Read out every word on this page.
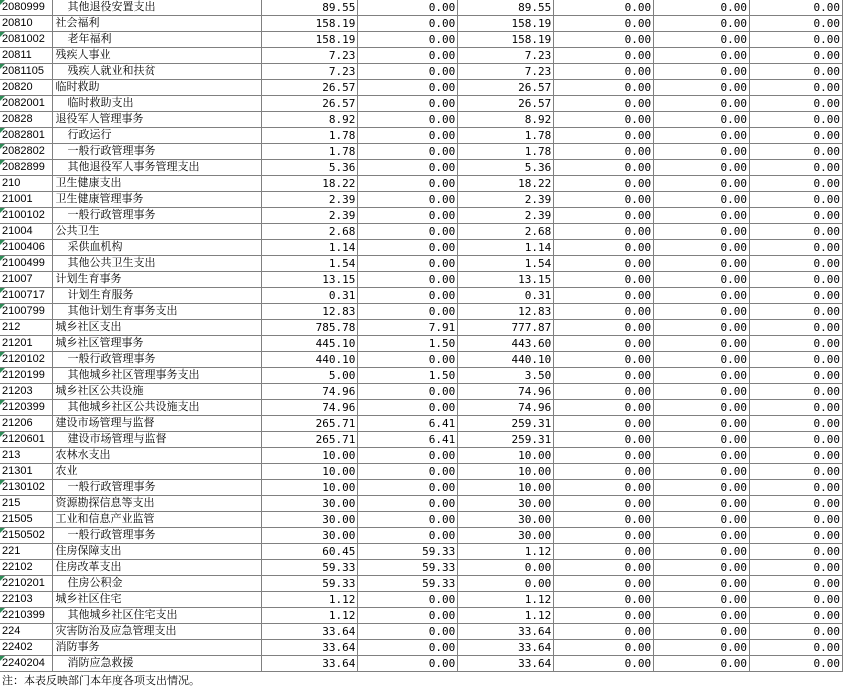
2080999	其他退役安置支出	89.55	0.00	89.55	0.00	0.00	0.00
20810	社会福利	158.19	0.00	158.19	0.00	0.00	0.00
2081002	老年福利	158.19	0.00	158.19	0.00	0.00	0.00
20811	残疾人事业	7.23	0.00	7.23	0.00	0.00	0.00
2081105	残疾人就业和扶贫	7.23	0.00	7.23	0.00	0.00	0.00
20820	临时救助	26.57	0.00	26.57	0.00	0.00	0.00
2082001	临时救助支出	26.57	0.00	26.57	0.00	0.00	0.00
20828	退役军人管理事务	8.92	0.00	8.92	0.00	0.00	0.00
2082801	行政运行	1.78	0.00	1.78	0.00	0.00	0.00
2082802	一般行政管理事务	1.78	0.00	1.78	0.00	0.00	0.00
2082899	其他退役军人事务管理支出	5.36	0.00	5.36	0.00	0.00	0.00
210	卫生健康支出	18.22	0.00	18.22	0.00	0.00	0.00
21001	卫生健康管理事务	2.39	0.00	2.39	0.00	0.00	0.00
2100102	一般行政管理事务	2.39	0.00	2.39	0.00	0.00	0.00
21004	公共卫生	2.68	0.00	2.68	0.00	0.00	0.00
2100406	采供血机构	1.14	0.00	1.14	0.00	0.00	0.00
2100499	其他公共卫生支出	1.54	0.00	1.54	0.00	0.00	0.00
21007	计划生育事务	13.15	0.00	13.15	0.00	0.00	0.00
2100717	计划生育服务	0.31	0.00	0.31	0.00	0.00	0.00
2100799	其他计划生育事务支出	12.83	0.00	12.83	0.00	0.00	0.00
212	城乡社区支出	785.78	7.91	777.87	0.00	0.00	0.00
21201	城乡社区管理事务	445.10	1.50	443.60	0.00	0.00	0.00
2120102	一般行政管理事务	440.10	0.00	440.10	0.00	0.00	0.00
2120199	其他城乡社区管理事务支出	5.00	1.50	3.50	0.00	0.00	0.00
21203	城乡社区公共设施	74.96	0.00	74.96	0.00	0.00	0.00
2120399	其他城乡社区公共设施支出	74.96	0.00	74.96	0.00	0.00	0.00
21206	建设市场管理与监督	265.71	6.41	259.31	0.00	0.00	0.00
2120601	建设市场管理与监督	265.71	6.41	259.31	0.00	0.00	0.00
213	农林水支出	10.00	0.00	10.00	0.00	0.00	0.00
21301	农业	10.00	0.00	10.00	0.00	0.00	0.00
2130102	一般行政管理事务	10.00	0.00	10.00	0.00	0.00	0.00
215	资源勘探信息等支出	30.00	0.00	30.00	0.00	0.00	0.00
21505	工业和信息产业监管	30.00	0.00	30.00	0.00	0.00	0.00
2150502	一般行政管理事务	30.00	0.00	30.00	0.00	0.00	0.00
221	住房保障支出	60.45	59.33	1.12	0.00	0.00	0.00
22102	住房改革支出	59.33	59.33	0.00	0.00	0.00	0.00
2210201	住房公积金	59.33	59.33	0.00	0.00	0.00	0.00
22103	城乡社区住宅	1.12	0.00	1.12	0.00	0.00	0.00
2210399	其他城乡社区住宅支出	1.12	0.00	1.12	0.00	0.00	0.00
224	灾害防治及应急管理支出	33.64	0.00	33.64	0.00	0.00	0.00
22402	消防事务	33.64	0.00	33.64	0.00	0.00	0.00
2240204	消防应急救援	33.64	0.00	33.64	0.00	0.00	0.00
注：本表反映部门本年度各项支出情况。
